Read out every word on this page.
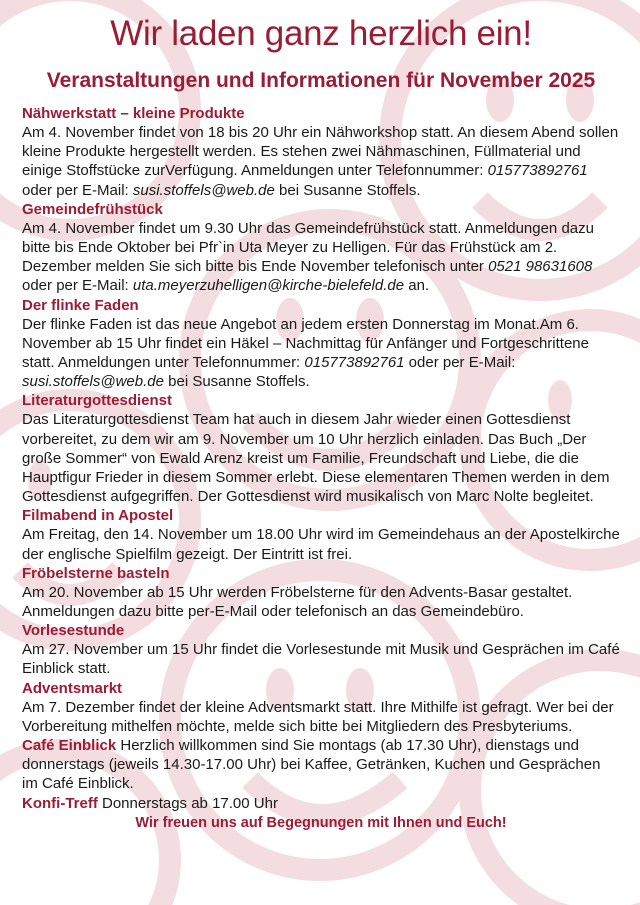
Wir laden ganz herzlich ein!
Veranstaltungen und Informationen für November 2025
Nähwerkstatt – kleine Produkte

Am 4. November findet von 18 bis 20 Uhr ein Nähworkshop statt. An diesem Abend sollen kleine Produkte hergestellt werden. Es stehen zwei Nähmaschinen, Füllmaterial und einige Stoffstücke zurVerfügung. Anmeldungen unter Telefonnummer: 015773892761 oder per E-Mail: susi.stoffels@web.de bei Susanne Stoffels.

Gemeindefrühstück

Am 4. November findet um 9.30 Uhr das Gemeindefrühstück statt. Anmeldungen dazu bitte bis Ende Oktober bei Pfr`in Uta Meyer zu Helligen. Für das Frühstück am 2. Dezember melden Sie sich bitte bis Ende November telefonisch unter 0521 98631608 oder per E-Mail: uta.meyerzuhelligen@kirche-bielefeld.de an.

Der flinke Faden

Der flinke Faden ist das neue Angebot an jedem ersten Donnerstag im Monat.Am 6. November ab 15 Uhr findet ein Häkel – Nachmittag für Anfänger und Fortgeschrittene statt. Anmeldungen unter Telefonnummer: 015773892761 oder per E-Mail: susi.stoffels@web.de bei Susanne Stoffels.

Literaturgottesdienst

Das Literaturgottesdienst Team hat auch in diesem Jahr wieder einen Gottesdienst vorbereitet, zu dem wir am 9. November um 10 Uhr herzlich einladen. Das Buch „Der große Sommer“ von Ewald Arenz kreist um Familie, Freundschaft und Liebe, die die Hauptfigur Frieder in diesem Sommer erlebt. Diese elementaren Themen werden in dem Gottesdienst aufgegriffen. Der Gottesdienst wird musikalisch von Marc Nolte begleitet.

Filmabend in Apostel

Am Freitag, den 14. November um 18.00 Uhr wird im Gemeindehaus an der Apostelkirche der englische Spielfilm gezeigt. Der Eintritt ist frei.

Fröbelsterne basteln

Am 20. November ab 15 Uhr werden Fröbelsterne für den Advents-Basar gestaltet. Anmeldungen dazu bitte per-E-Mail oder telefonisch an das Gemeindebüro.

Vorlesestunde

Am 27. November um 15 Uhr findet die Vorlesestunde mit Musik und Gesprächen im Café Einblick statt.

Adventsmarkt

Am 7. Dezember findet der kleine Adventsmarkt statt. Ihre Mithilfe ist gefragt. Wer bei der Vorbereitung mithelfen möchte, melde sich bitte bei Mitgliedern des Presbyteriums.

Café Einblick Herzlich willkommen sind Sie montags (ab 17.30 Uhr), dienstags und donnerstags (jeweils 14.30-17.00 Uhr) bei Kaffee, Getränken, Kuchen und Gesprächen im Café Einblick.

Konfi-Treff Donnerstags ab 17.00 Uhr

Wir freuen uns auf Begegnungen mit Ihnen und Euch!
